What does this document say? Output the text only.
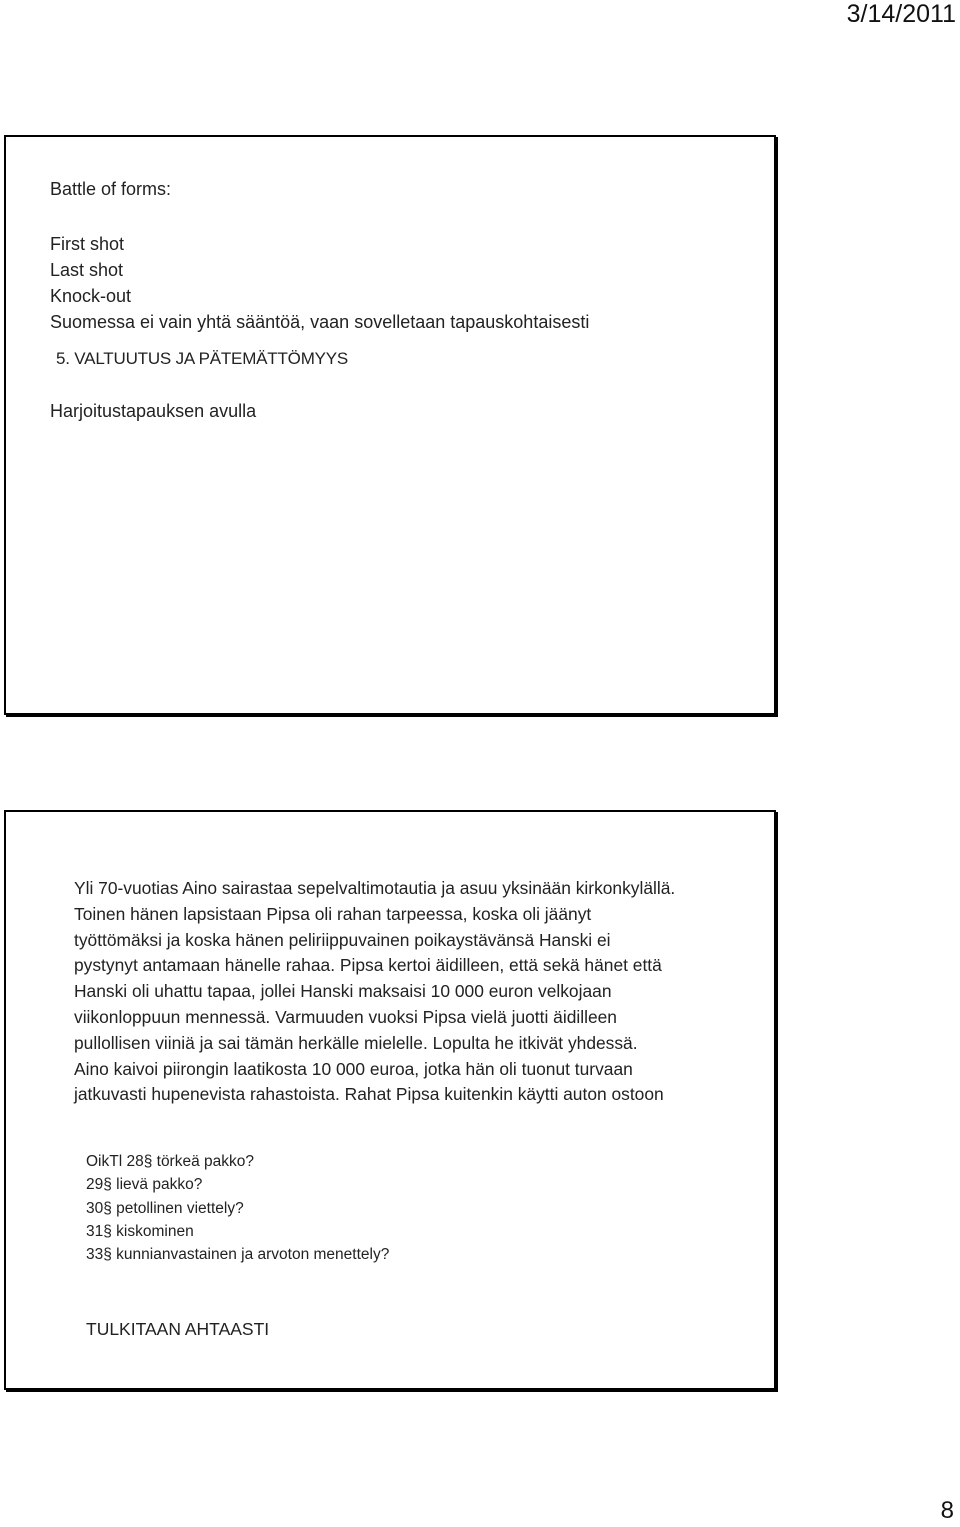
3/14/2011
Battle of forms:
First shot
Last shot
Knock-out
Suomessa ei vain yhtä sääntöä, vaan sovelletaan tapauskohtaisesti
5. VALTUUTUS JA PÄTEMÄTTÖMYYS
Harjoitustapauksen avulla
Yli 70-vuotias Aino sairastaa sepelvaltimotautia ja asuu yksinään kirkonkylällä.
Toinen hänen lapsistaan Pipsa oli rahan tarpeessa, koska oli jäänyt
työttömäksi ja koska hänen peliriippuvainen poikaystävänsä Hanski ei
pystynyt antamaan hänelle rahaa. Pipsa kertoi äidilleen, että sekä hänet että
Hanski oli uhattu tapaa, jollei Hanski maksaisi 10 000 euron velkojaan
viikonloppuun mennessä. Varmuuden vuoksi Pipsa vielä juotti äidilleen
pullollisen viiniä ja sai tämän herkälle mielelle. Lopulta he itkivät yhdessä.
Aino kaivoi piirongin laatikosta 10 000 euroa, jotka hän oli tuonut turvaan
jatkuvasti hupenevista rahastoista. Rahat Pipsa kuitenkin käytti auton ostoon
OikTl 28§ törkeä pakko?
29§ lievä pakko?
30§ petollinen viettely?
31§ kiskominen
33§ kunnianvastainen ja arvoton menettely?
TULKITAAN AHTAASTI
8
